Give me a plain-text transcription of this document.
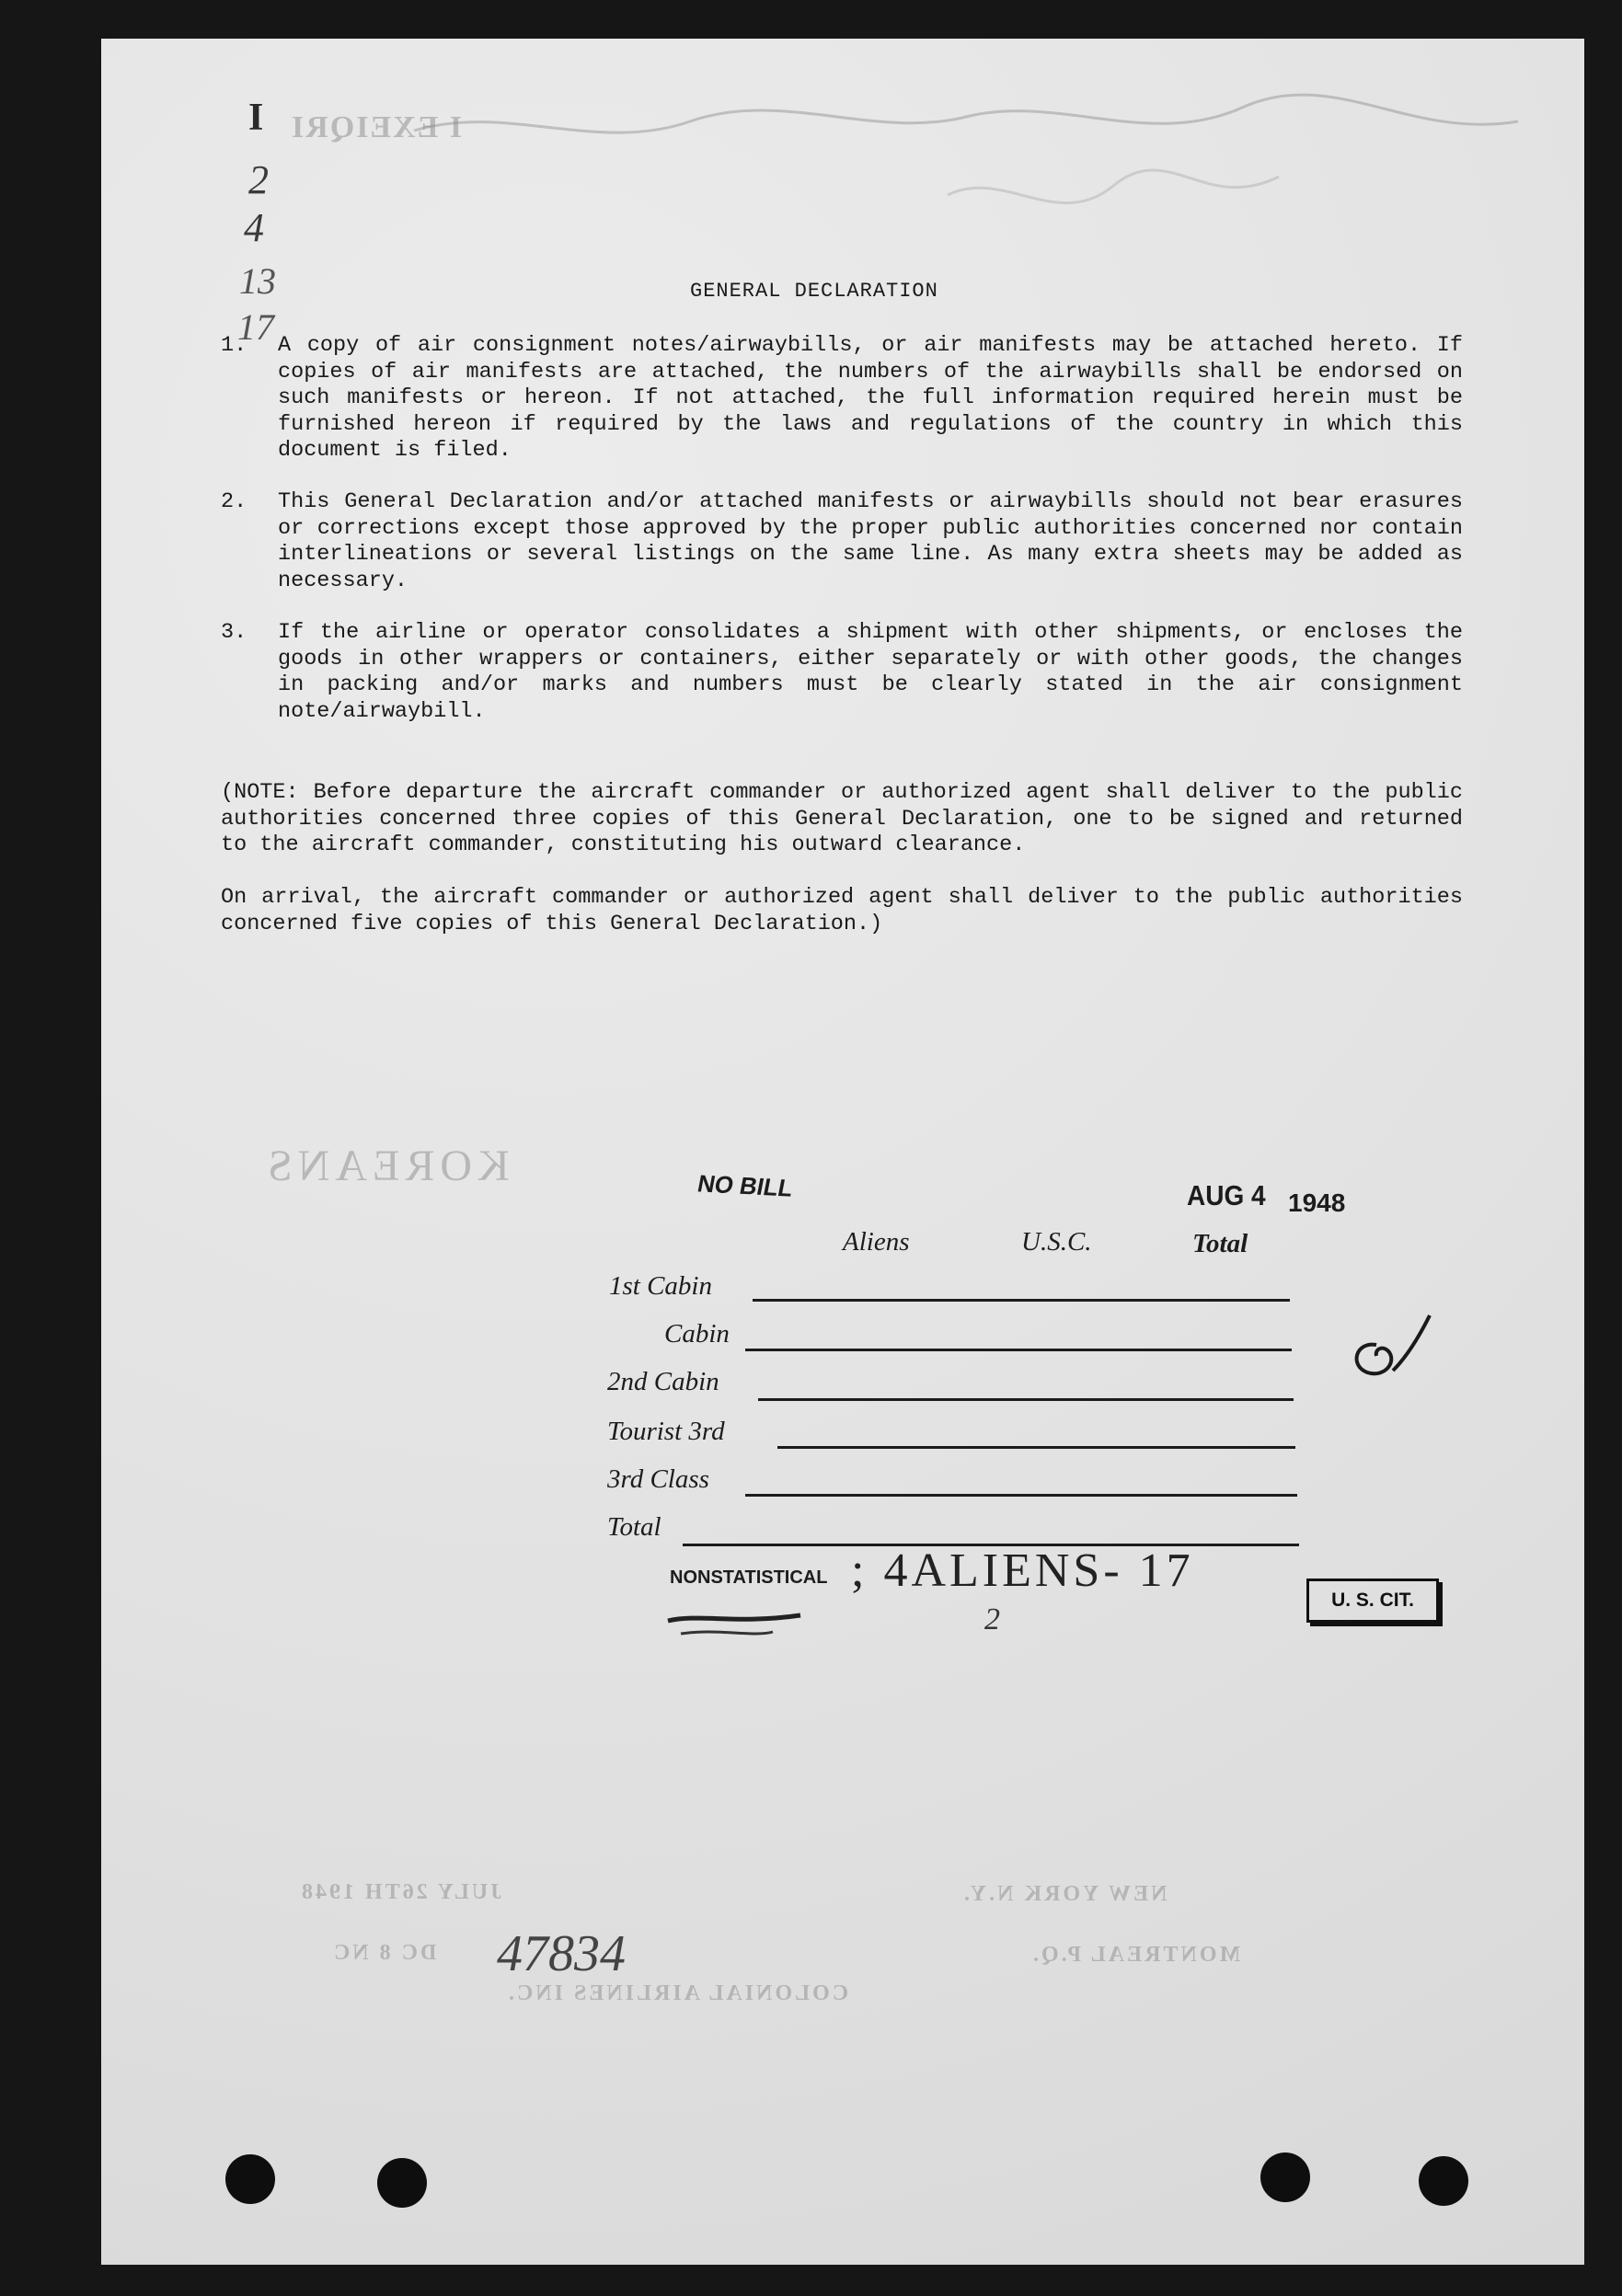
I EXEIQRI
KOREANS
JULY 26TH 1948
DC 8 NC 47834
COLONIAL AIRLINES INC.
NEW YORK N.Y.
MONTREAL P.Q.
I
2
4
13
17
GENERAL DECLARATION
1.	A copy of air consignment notes/airwaybills, or air manifests may be attached hereto. If copies of air manifests are attached, the numbers of the airwaybills shall be endorsed on such manifests or hereon. If not attached, the full information required herein must be furnished hereon if required by the laws and regulations of the country in which this document is filed.
2.	This General Declaration and/or attached manifests or airwaybills should not bear erasures or corrections except those approved by the proper public authorities concerned nor contain interlineations or several listings on the same line. As many extra sheets may be added as necessary.
3.	If the airline or operator consolidates a shipment with other shipments, or encloses the goods in other wrappers or containers, either separately or with other goods, the changes in packing and/or marks and numbers must be clearly stated in the air consignment note/airwaybill.
(NOTE: Before departure the aircraft commander or authorized agent shall deliver to the public authorities concerned three copies of this General Declaration, one to be signed and returned to the aircraft commander, constituting his outward clearance.
On arrival, the aircraft commander or authorized agent shall deliver to the public authorities concerned five copies of this General Declaration.)
NO BILL	AUG 4 1948
Aliens	U.S.C.	Total
1st Cabin
Cabin
2nd Cabin
Tourist 3rd
3rd Class
Total
NONSTATISTICAL ; 4ALIENS- 17
2
U. S. CIT.
